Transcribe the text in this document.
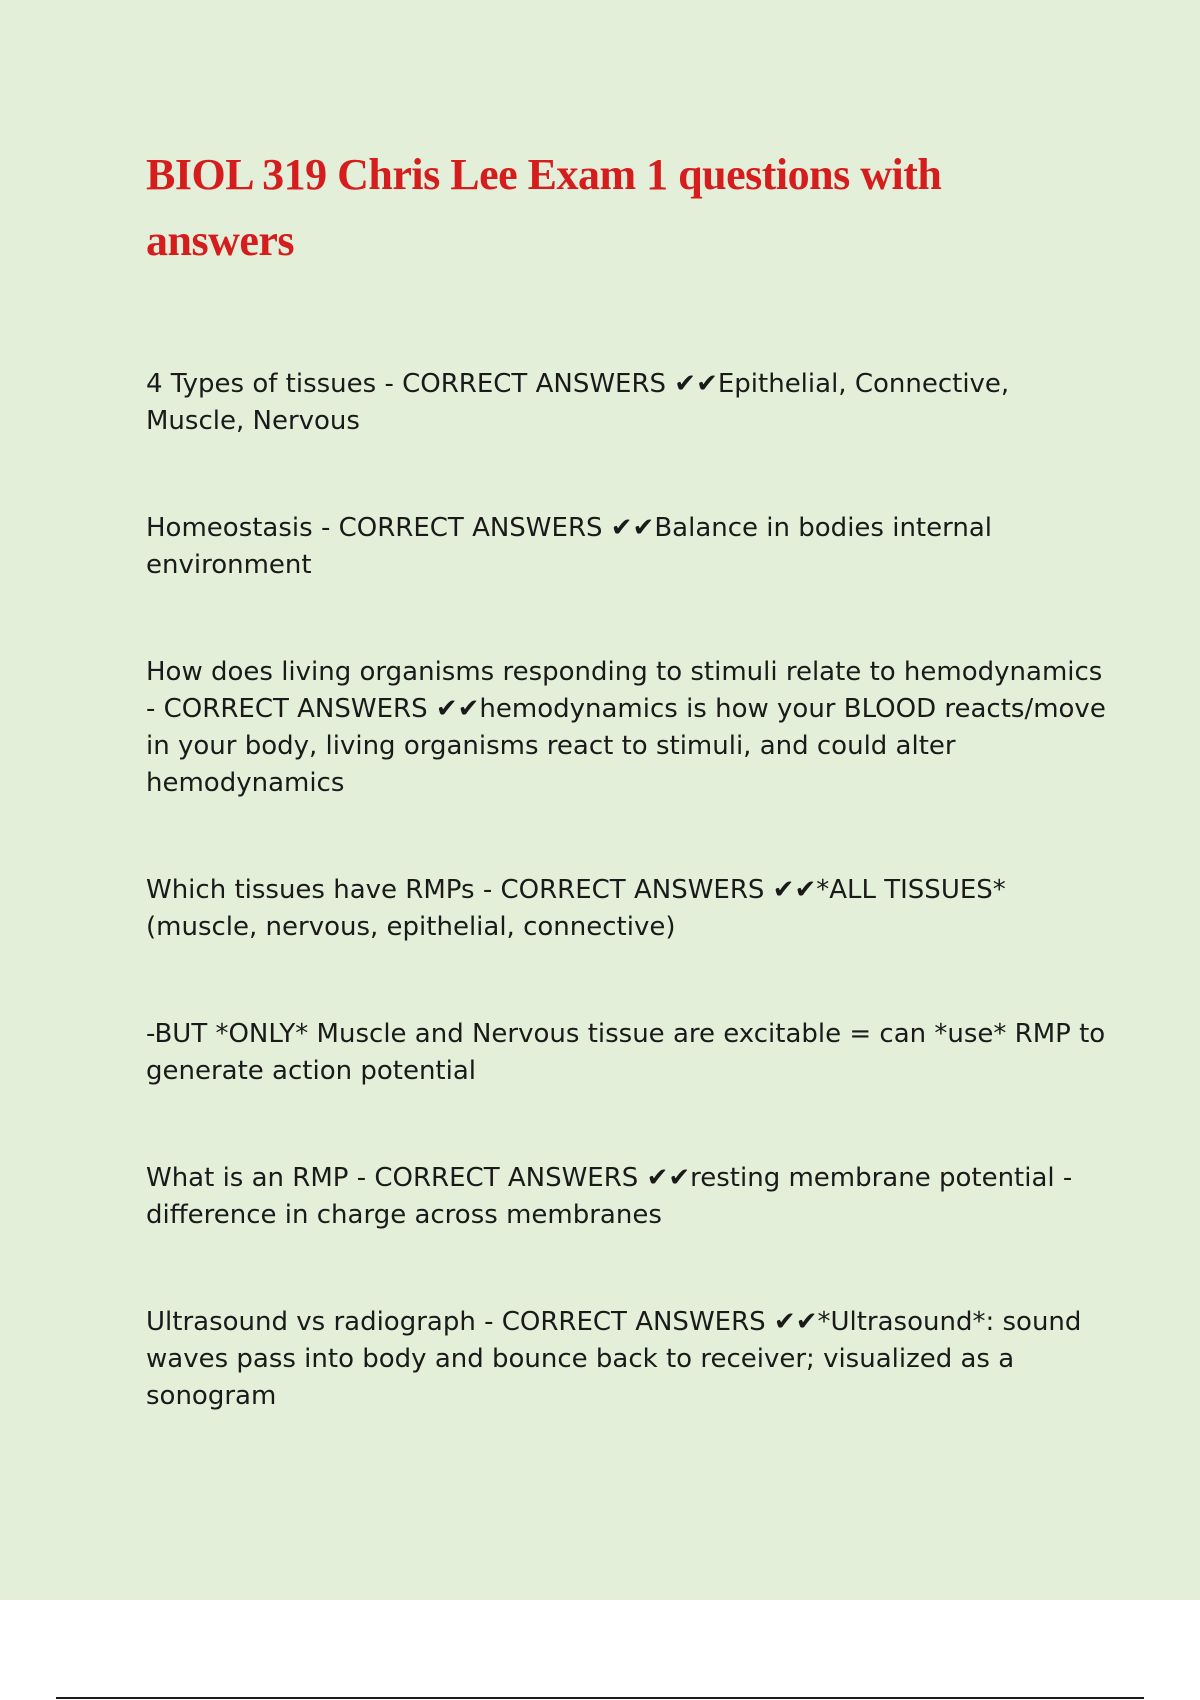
BIOL 319 Chris Lee Exam 1 questions with answers
4 Types of tissues - CORRECT ANSWERS ✔✔Epithelial, Connective, Muscle, Nervous
Homeostasis - CORRECT ANSWERS ✔✔Balance in bodies internal environment
How does living organisms responding to stimuli relate to hemodynamics - CORRECT ANSWERS ✔✔hemodynamics is how your BLOOD reacts/move in your body, living organisms react to stimuli, and could alter hemodynamics
Which tissues have RMPs - CORRECT ANSWERS ✔✔*ALL TISSUES* (muscle, nervous, epithelial, connective)
-BUT *ONLY* Muscle and Nervous tissue are excitable = can *use* RMP to generate action potential
What is an RMP - CORRECT ANSWERS ✔✔resting membrane potential - difference in charge across membranes
Ultrasound vs radiograph - CORRECT ANSWERS ✔✔*Ultrasound*: sound waves pass into body and bounce back to receiver; visualized as a sonogram
